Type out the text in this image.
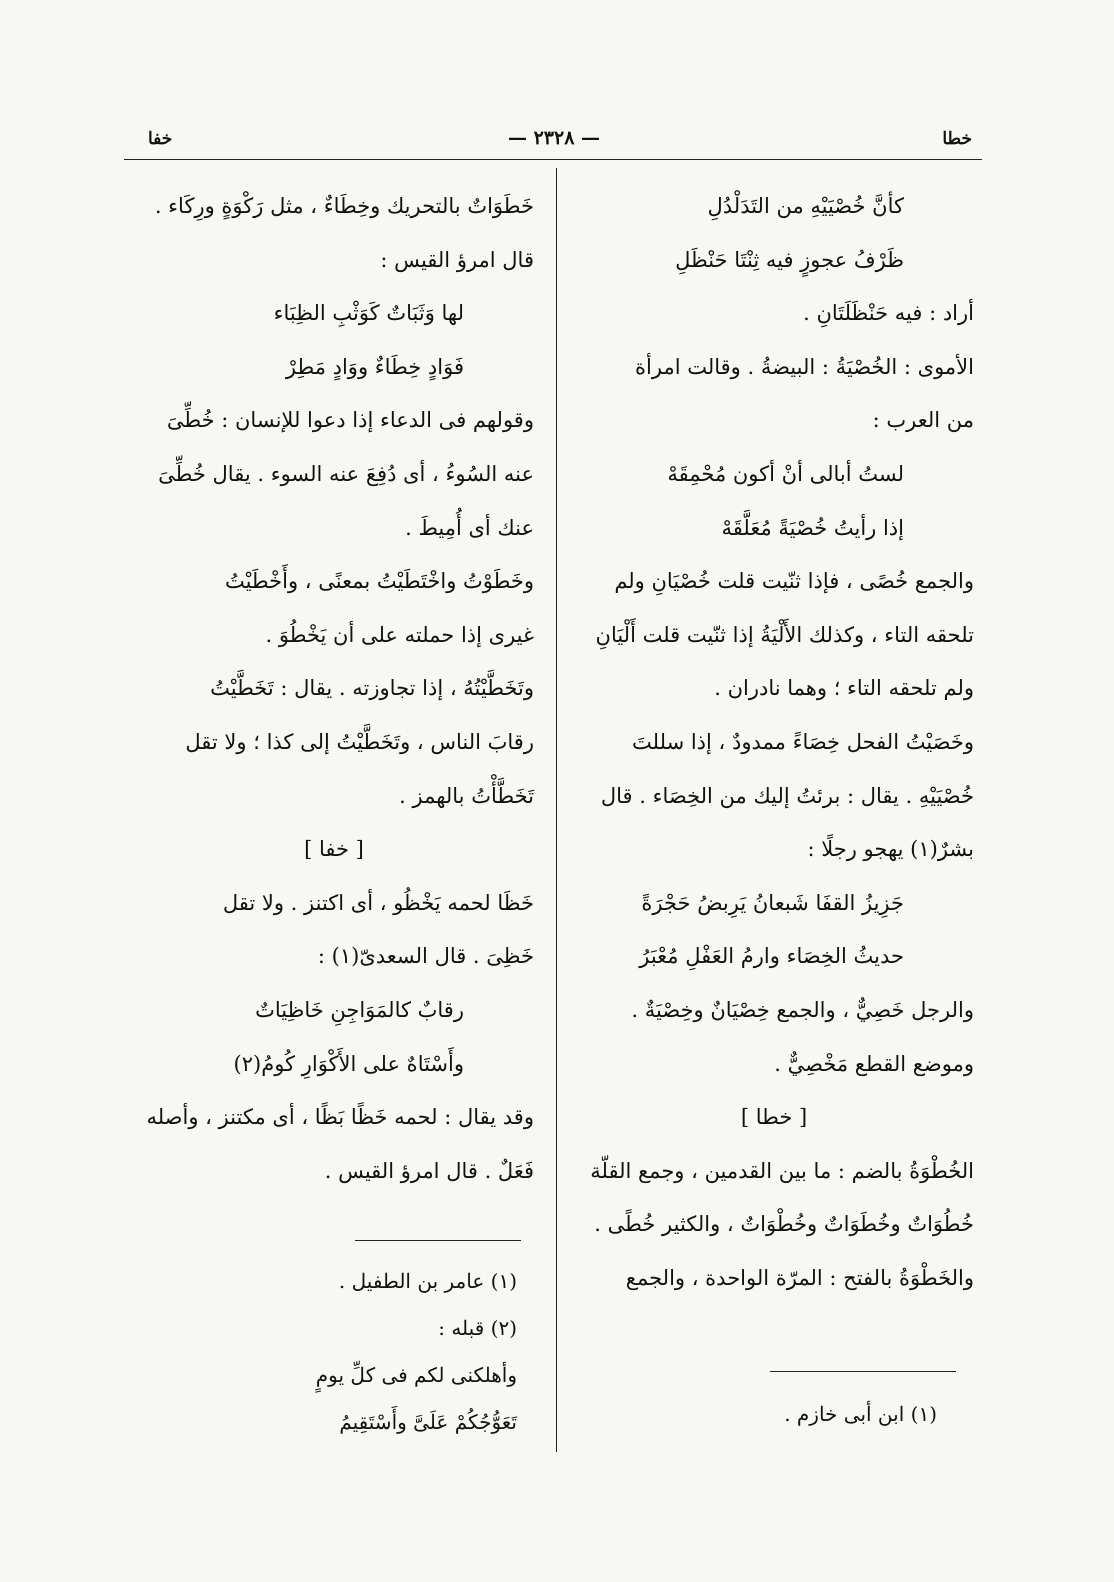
خطا
— ٢٣٢٨ —
خفا
كأنَّ خُصْيَيْهِ من التَدَلْدُلِ
ظَرْفُ عجوزٍ فيه ثِنْتَا حَنْظَلِ
أراد : فيه حَنْظَلَتَانِ .
الأموى : الخُصْيَةُ : البيضةُ . وقالت امرأة
من العرب :
لستُ أبالى أنْ أكون مُحْمِقَهْ
إذا رأيتُ خُصْيَةً مُعَلَّقَهْ
والجمع خُصًى ، فإذا ثنّيت قلت خُصْيَانِ ولم
تلحقه التاء ، وكذلك الأَلْيَةُ إذا ثنّيت قلت أَلْيَانِ
ولم تلحقه التاء ؛ وهما نادران .
وخَصَيْتُ الفحل خِصَاءً ممدودٌ ، إذا سللتَ
خُصْيَيْهِ . يقال : برئتُ إليك من الخِصَاء . قال
بشرٌ(١) يهجو رجلًا :
جَزِيزُ القفَا شَبعانُ يَرِبضُ حَجْرَةً
حديثُ الخِصَاء وارمُ العَفْلِ مُعْبَرُ
والرجل خَصِيٌّ ، والجمع خِصْيَانٌ وخِصْيَةٌ .
وموضع القطع مَخْصِيٌّ .
[ خطا ]
الخُطْوَةُ بالضم : ما بين القدمين ، وجمع القلّة
خُطُوَاتٌ وخُطَوَاتٌ وخُطْوَاتٌ ، والكثير خُطًى .
والخَطْوَةُ بالفتح : المرّة الواحدة ، والجمع
خَطَوَاتٌ بالتحريك وخِطَاءٌ ، مثل رَكْوَةٍ ورِكَاء .
قال امرؤ القيس :
لها وَثَبَاتٌ كَوَثْبِ الظِبَاء
فَوَادٍ خِطَاءٌ ووَادٍ مَطِرْ
وقولهم فى الدعاء إذا دعوا للإنسان : خُطِّىَ
عنه السُوءُ ، أى دُفِعَ عنه السوء . يقال خُطِّىَ
عنك أى أُمِيطَ .
وخَطَوْتُ واخْتَطَيْتُ بمعنًى ، وأَخْطَيْتُ
غيرى إذا حملته على أن يَخْطُوَ .
وتَخَطَّيْتُهُ ، إذا تجاوزته . يقال : تَخَطَّيْتُ
رقابَ الناس ، وتَخَطَّيْتُ إلى كذا ؛ ولا تقل
تَخَطَّأْتُ بالهمز .
[ خفا ]
خَظَا لحمه يَخْظُو ، أى اكتنز . ولا تقل
خَظِىَ . قال السعدىّ(١) :
رقابٌ كالمَوَاجِنِ خَاظِيَاتٌ
وأَسْتَاهٌ على الأَكْوَارِ كُومُ(٢)
وقد يقال : لحمه خَظًا بَظًا ، أى مكتنز ، وأصله
فَعَلٌ . قال امرؤ القيس .
(١) ابن أبى خازم .
(١) عامر بن الطفيل .
(٢) قبله :
وأهلكنى لكم فى كلِّ يومٍ
تَعَوُّجُكُمْ عَلَىَّ وأَسْتَقِيمُ
